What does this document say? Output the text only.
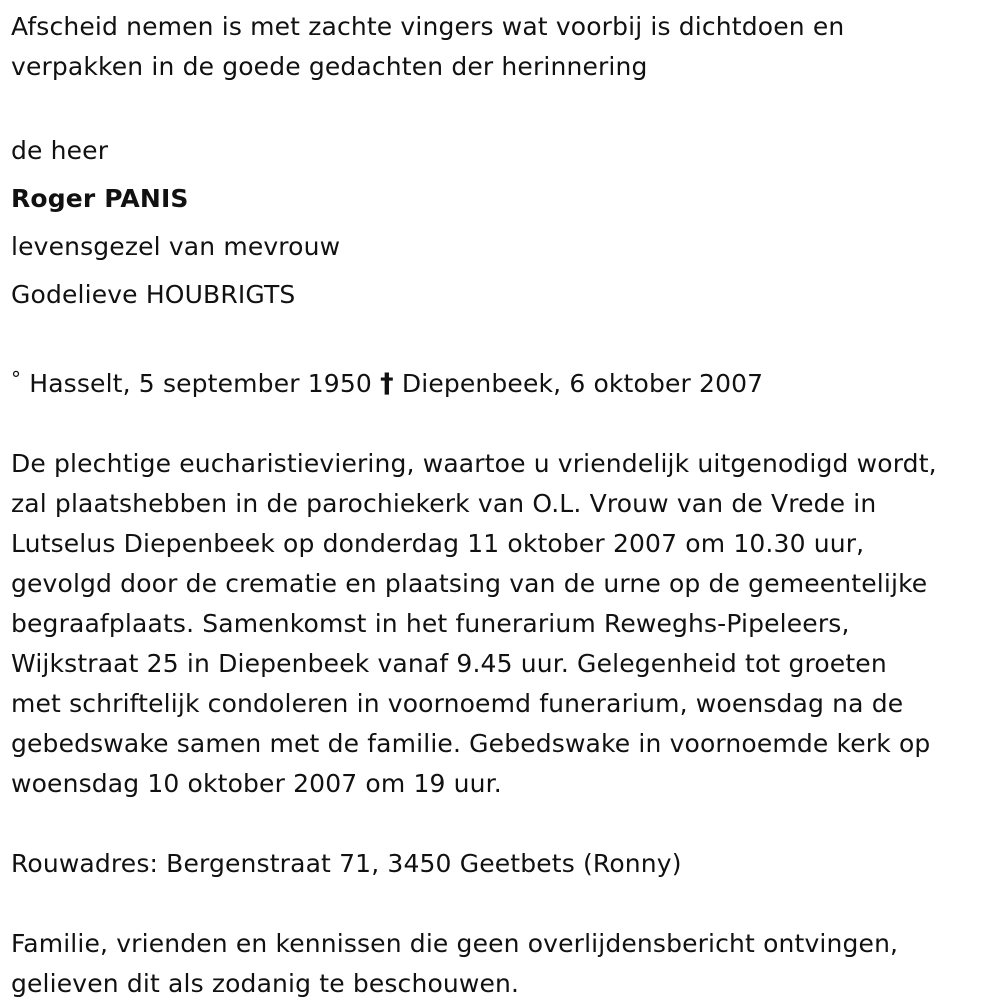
Afscheid nemen is met zachte vingers wat voorbij is dichtdoen en
verpakken in de goede gedachten der herinnering
de heer
Roger PANIS
levensgezel van mevrouw
Godelieve HOUBRIGTS
° Hasselt, 5 september 1950 † Diepenbeek, 6 oktober 2007
De plechtige eucharistieviering, waartoe u vriendelijk uitgenodigd wordt,
zal plaatshebben in de parochiekerk van O.L. Vrouw van de Vrede in
Lutselus Diepenbeek op donderdag 11 oktober 2007 om 10.30 uur,
gevolgd door de crematie en plaatsing van de urne op de gemeentelijke
begraafplaats. Samenkomst in het funerarium Reweghs-Pipeleers,
Wijkstraat 25 in Diepenbeek vanaf 9.45 uur. Gelegenheid tot groeten
met schriftelijk condoleren in voornoemd funerarium, woensdag na de
gebedswake samen met de familie. Gebedswake in voornoemde kerk op
woensdag 10 oktober 2007 om 19 uur.
Rouwadres: Bergenstraat 71, 3450 Geetbets (Ronny)
Familie, vrienden en kennissen die geen overlijdensbericht ontvingen,
gelieven dit als zodanig te beschouwen.
